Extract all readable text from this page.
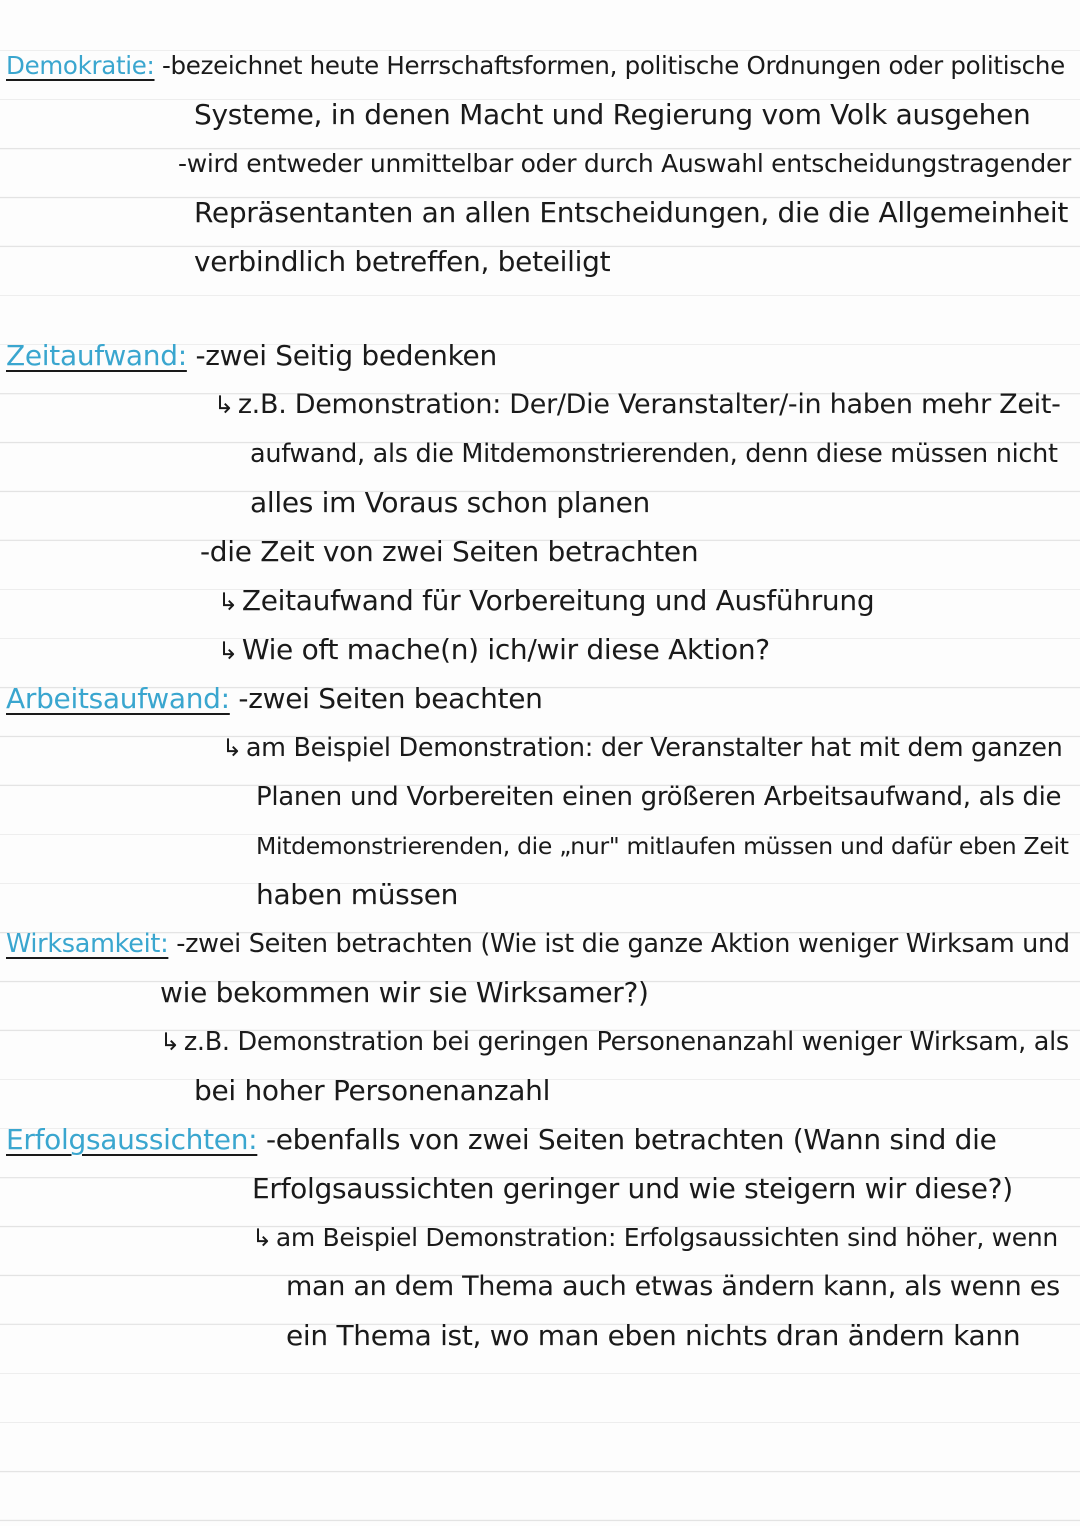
Demokratie: -bezeichnet heute Herrschaftsformen, politische Ordnungen oder politische
Systeme, in denen Macht und Regierung vom Volk ausgehen
-wird entweder unmittelbar oder durch Auswahl entscheidungstragender
Repräsentanten an allen Entscheidungen, die die Allgemeinheit
verbindlich betreffen, beteiligt
Zeitaufwand: -zwei Seitig bedenken
↳ z.B. Demonstration: Der/Die Veranstalter/-in haben mehr Zeit-
aufwand, als die Mitdemonstrierenden, denn diese müssen nicht
alles im Voraus schon planen
-die Zeit von zwei Seiten betrachten
↳ Zeitaufwand für Vorbereitung und Ausführung
↳ Wie oft mache(n) ich/wir diese Aktion?
Arbeitsaufwand: -zwei Seiten beachten
↳ am Beispiel Demonstration: der Veranstalter hat mit dem ganzen
Planen und Vorbereiten einen größeren Arbeitsaufwand, als die
Mitdemonstrierenden, die „nur" mitlaufen müssen und dafür eben Zeit
haben müssen
Wirksamkeit: -zwei Seiten betrachten (Wie ist die ganze Aktion weniger Wirksam und
wie bekommen wir sie Wirksamer?)
↳ z.B. Demonstration bei geringen Personenanzahl weniger Wirksam, als
bei hoher Personenanzahl
Erfolgsaussichten: -ebenfalls von zwei Seiten betrachten (Wann sind die
Erfolgsaussichten geringer und wie steigern wir diese?)
↳ am Beispiel Demonstration: Erfolgsaussichten sind höher, wenn
man an dem Thema auch etwas ändern kann, als wenn es
ein Thema ist, wo man eben nichts dran ändern kann
